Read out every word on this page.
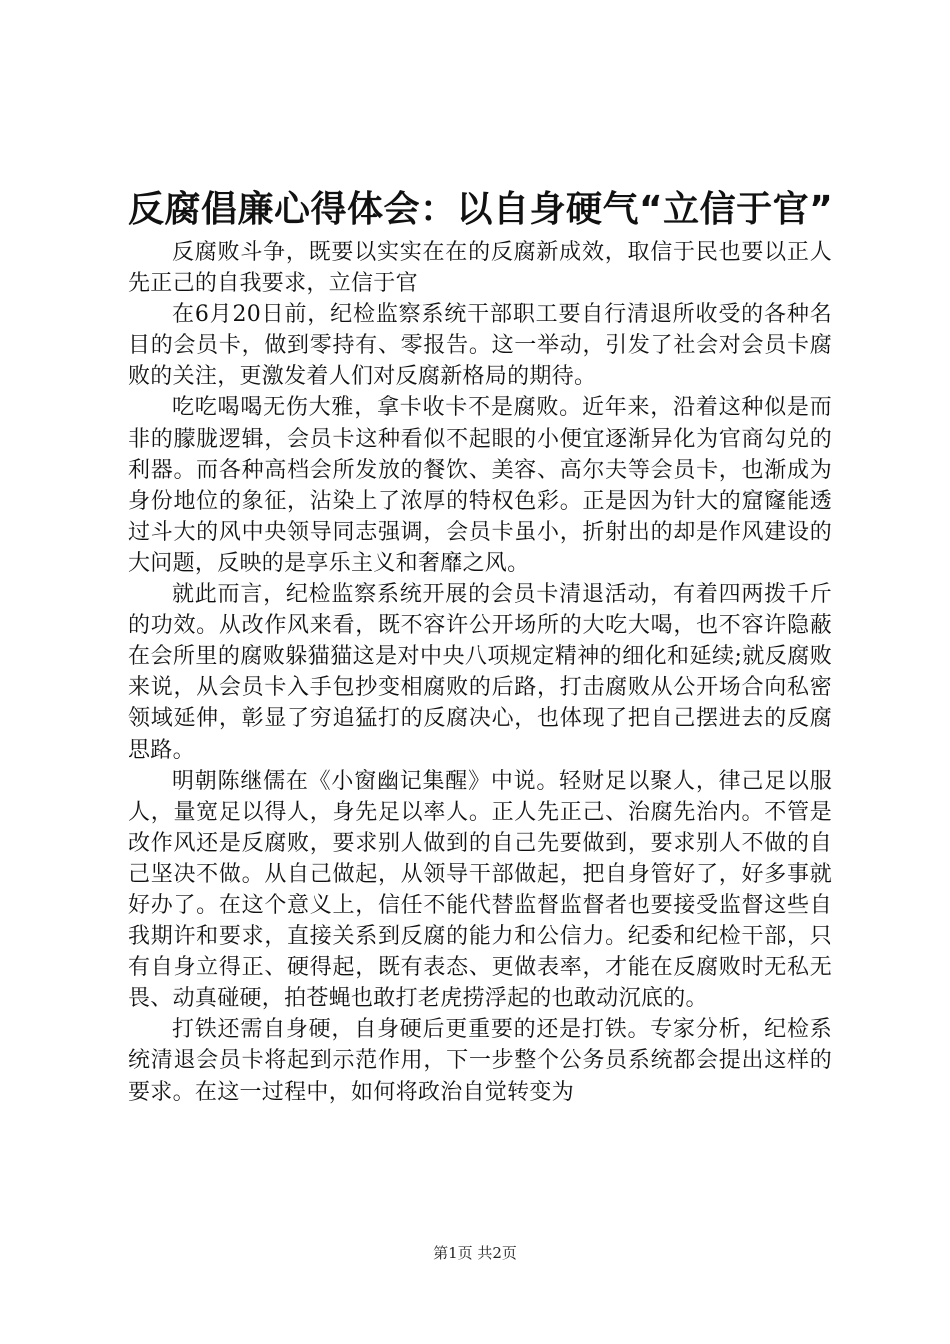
反腐倡廉心得体会：以自身硬气“立信于官”

反腐败斗争，既要以实实在在的反腐新成效，取信于民也要以正人先正己的自我要求，立信于官

在6月20日前，纪检监察系统干部职工要自行清退所收受的各种名目的会员卡，做到零持有、零报告。这一举动，引发了社会对会员卡腐败的关注，更激发着人们对反腐新格局的期待。

吃吃喝喝无伤大雅，拿卡收卡不是腐败。近年来，沿着这种似是而非的朦胧逻辑，会员卡这种看似不起眼的小便宜逐渐异化为官商勾兑的利器。而各种高档会所发放的餐饮、美容、高尔夫等会员卡，也渐成为身份地位的象征，沾染上了浓厚的特权色彩。正是因为针大的窟窿能透过斗大的风中央领导同志强调，会员卡虽小，折射出的却是作风建设的大问题，反映的是享乐主义和奢靡之风。

就此而言，纪检监察系统开展的会员卡清退活动，有着四两拨千斤的功效。从改作风来看，既不容许公开场所的大吃大喝，也不容许隐蔽在会所里的腐败躲猫猫这是对中央八项规定精神的细化和延续;就反腐败来说，从会员卡入手包抄变相腐败的后路，打击腐败从公开场合向私密领域延伸，彰显了穷追猛打的反腐决心，也体现了把自己摆进去的反腐思路。

明朝陈继儒在《小窗幽记集醒》中说。轻财足以聚人，律己足以服人，量宽足以得人，身先足以率人。正人先正己、治腐先治内。不管是改作风还是反腐败，要求别人做到的自己先要做到，要求别人不做的自己坚决不做。从自己做起，从领导干部做起，把自身管好了，好多事就好办了。在这个意义上，信任不能代替监督监督者也要接受监督这些自我期许和要求，直接关系到反腐的能力和公信力。纪委和纪检干部，只有自身立得正、硬得起，既有表态、更做表率，才能在反腐败时无私无畏、动真碰硬，拍苍蝇也敢打老虎捞浮起的也敢动沉底的。

打铁还需自身硬，自身硬后更重要的还是打铁。专家分析，纪检系统清退会员卡将起到示范作用，下一步整个公务员系统都会提出这样的要求。在这一过程中，如何将政治自觉转变为

第1页 共2页
